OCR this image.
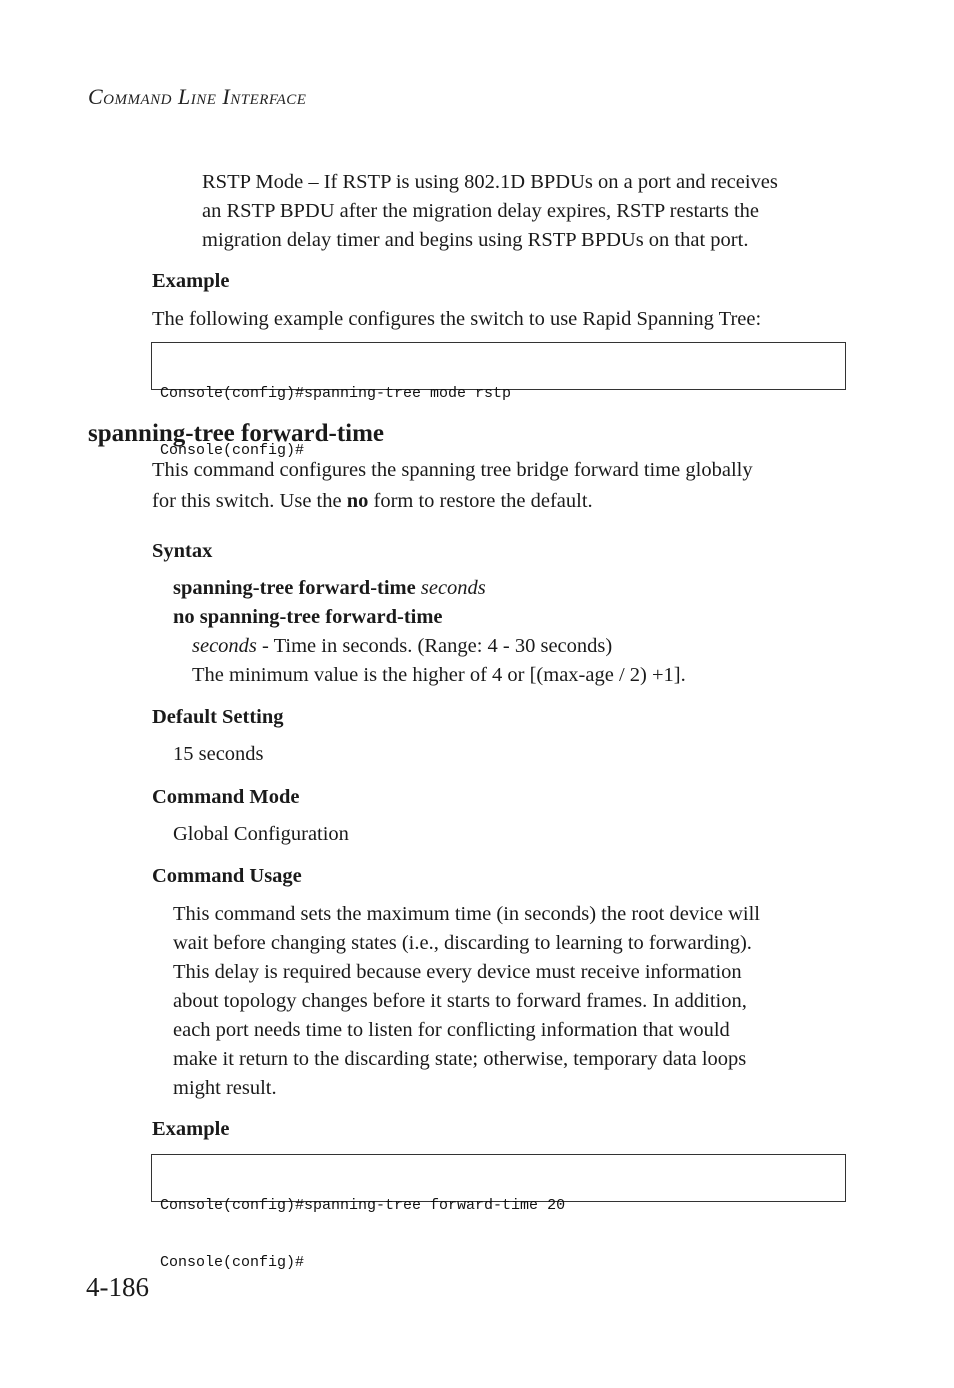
Command Line Interface
RSTP Mode – If RSTP is using 802.1D BPDUs on a port and receives
an RSTP BPDU after the migration delay expires, RSTP restarts the
migration delay timer and begins using RSTP BPDUs on that port.
Example
The following example configures the switch to use Rapid Spanning Tree:

Console(config)#spanning-tree mode rstp

Console(config)#

spanning-tree forward-time
This command configures the spanning tree bridge forward time globally
for this switch. Use the no form to restore the default.
Syntax
spanning-tree forward-time seconds
no spanning-tree forward-time
seconds - Time in seconds. (Range: 4 - 30 seconds)
The minimum value is the higher of 4 or [(max-age / 2) +1].
Default Setting
15 seconds
Command Mode
Global Configuration
Command Usage
This command sets the maximum time (in seconds) the root device will
wait before changing states (i.e., discarding to learning to forwarding).
This delay is required because every device must receive information
about topology changes before it starts to forward frames. In addition,
each port needs time to listen for conflicting information that would
make it return to the discarding state; otherwise, temporary data loops
might result.
Example

Console(config)#spanning-tree forward-time 20

Console(config)#

4-186
